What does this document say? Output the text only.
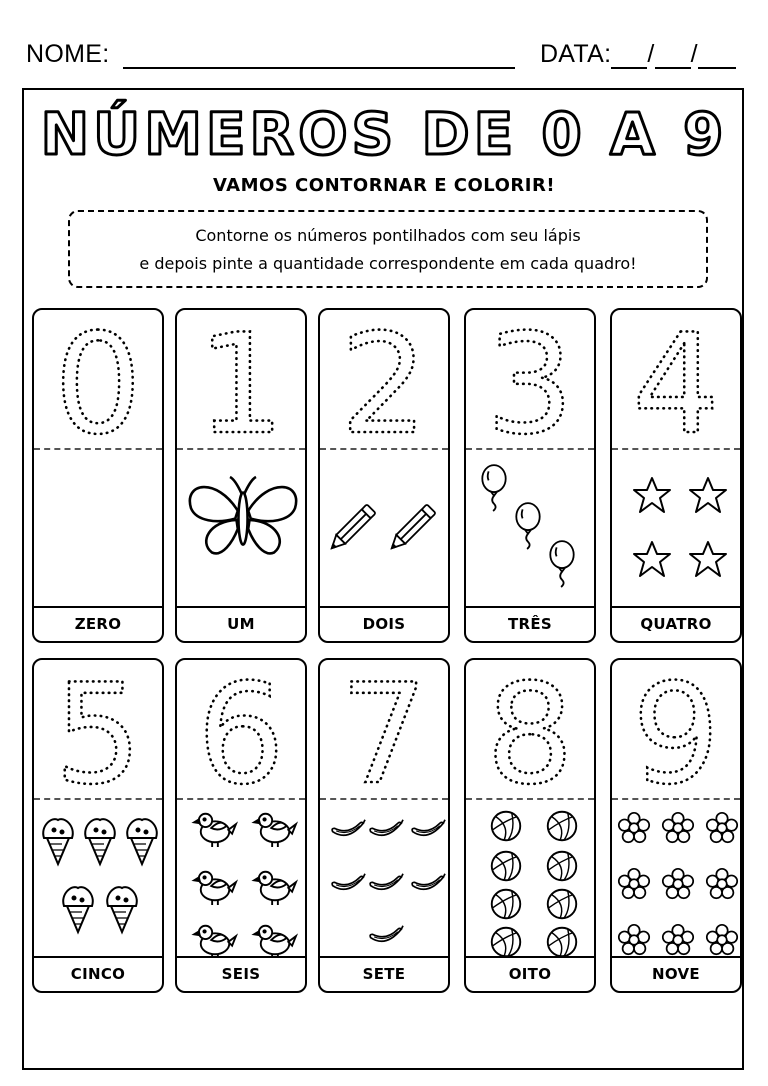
NOME:	DATA: / /
NÚMEROS DE 0 A 9
VAMOS CONTORNAR E COLORIR!
Contorne os números pontilhados com seu lápis
e depois pinte a quantidade correspondente em cada quadro!
0
ZERO
1
UM
2
DOIS
3
TRÊS
4
QUATRO
5
CINCO
6
SEIS
7
SETE
8
OITO
9
NOVE
